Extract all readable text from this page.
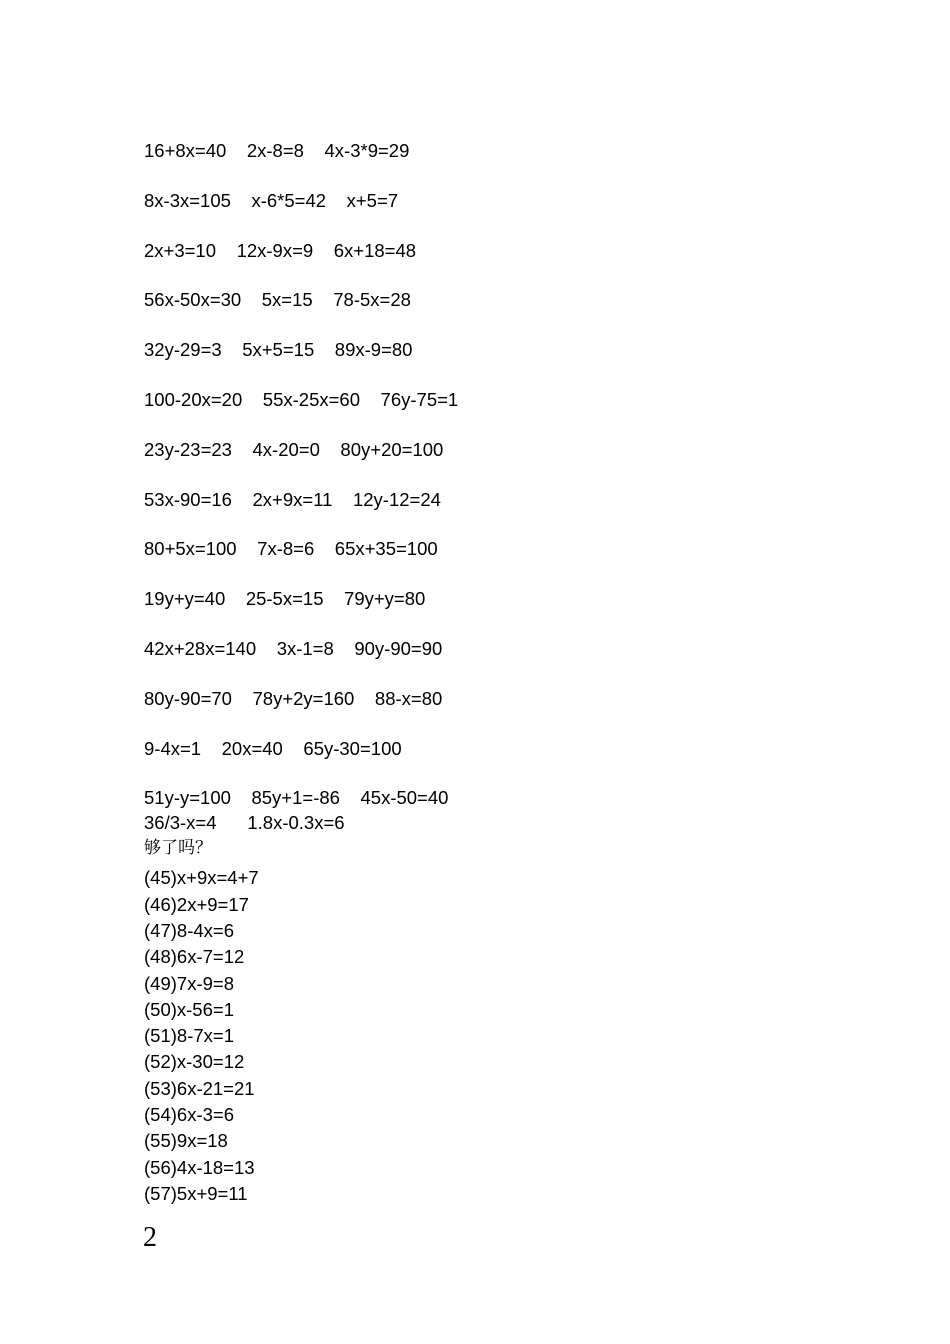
16+8x=40    2x-8=8    4x-3*9=29
8x-3x=105    x-6*5=42    x+5=7
2x+3=10    12x-9x=9    6x+18=48
56x-50x=30    5x=15    78-5x=28
32y-29=3    5x+5=15    89x-9=80
100-20x=20    55x-25x=60    76y-75=1
23y-23=23    4x-20=0    80y+20=100
53x-90=16    2x+9x=11    12y-12=24
80+5x=100    7x-8=6    65x+35=100
19y+y=40    25-5x=15    79y+y=80
42x+28x=140    3x-1=8    90y-90=90
80y-90=70    78y+2y=160    88-x=80
9-4x=1    20x=40    65y-30=100
51y-y=100    85y+1=-86    45x-50=40
36/3-x=4      1.8x-0.3x=6
够了吗？
(45)x+9x=4+7
(46)2x+9=17
(47)8-4x=6
(48)6x-7=12
(49)7x-9=8
(50)x-56=1
(51)8-7x=1
(52)x-30=12
(53)6x-21=21
(54)6x-3=6
(55)9x=18
(56)4x-18=13
(57)5x+9=11
2
